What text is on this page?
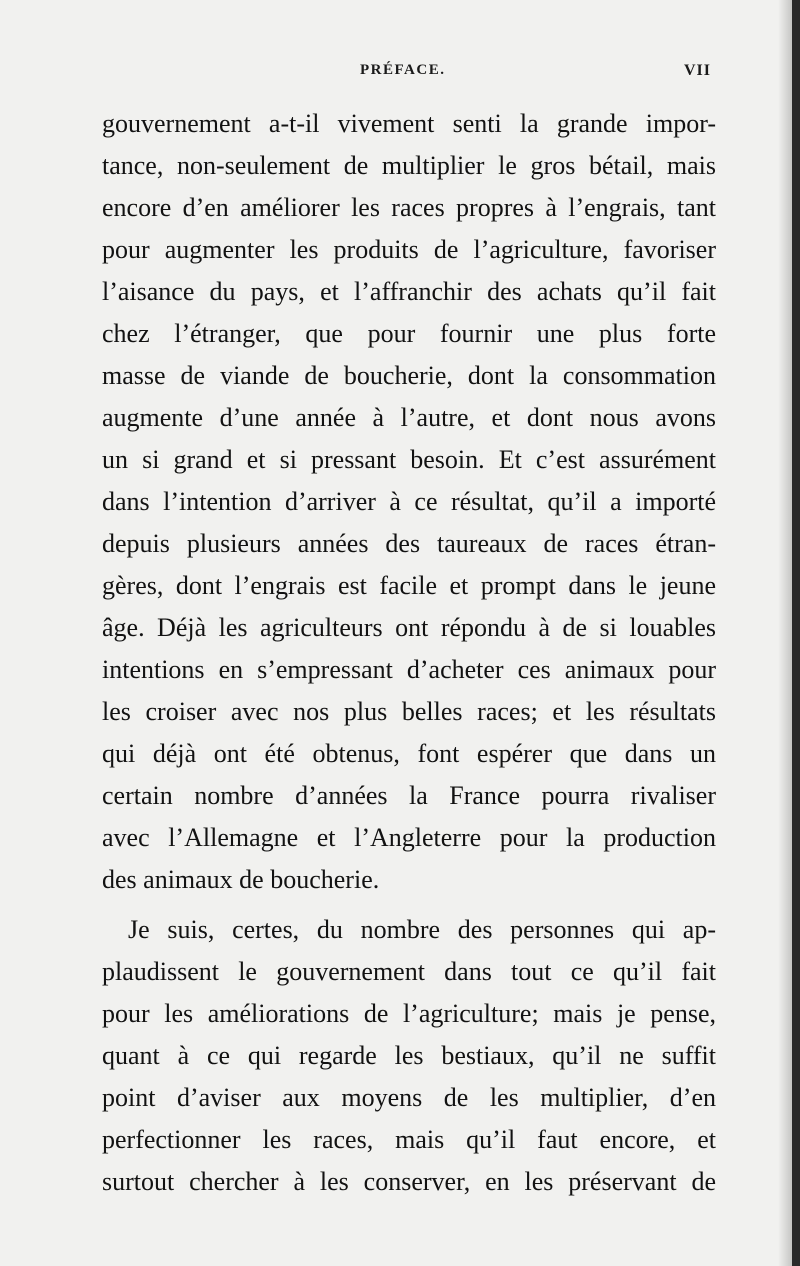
PRÉFACE.	VII
gouvernement a-t-il vivement senti la grande impor-
tance, non-seulement de multiplier le gros bétail, mais
encore d’en améliorer les races propres à l’engrais, tant
pour augmenter les produits de l’agriculture, favoriser
l’aisance du pays, et l’affranchir des achats qu’il fait
chez l’étranger, que pour fournir une plus forte
masse de viande de boucherie, dont la consommation
augmente d’une année à l’autre, et dont nous avons
un si grand et si pressant besoin. Et c’est assurément
dans l’intention d’arriver à ce résultat, qu’il a importé
depuis plusieurs années des taureaux de races étran-
gères, dont l’engrais est facile et prompt dans le jeune
âge. Déjà les agriculteurs ont répondu à de si louables
intentions en s’empressant d’acheter ces animaux pour
les croiser avec nos plus belles races; et les résultats
qui déjà ont été obtenus, font espérer que dans un
certain nombre d’années la France pourra rivaliser
avec l’Allemagne et l’Angleterre pour la production
des animaux de boucherie.
Je suis, certes, du nombre des personnes qui ap-
plaudissent le gouvernement dans tout ce qu’il fait
pour les améliorations de l’agriculture; mais je pense,
quant à ce qui regarde les bestiaux, qu’il ne suffit
point d’aviser aux moyens de les multiplier, d’en
perfectionner les races, mais qu’il faut encore, et
surtout chercher à les conserver, en les préservant de
